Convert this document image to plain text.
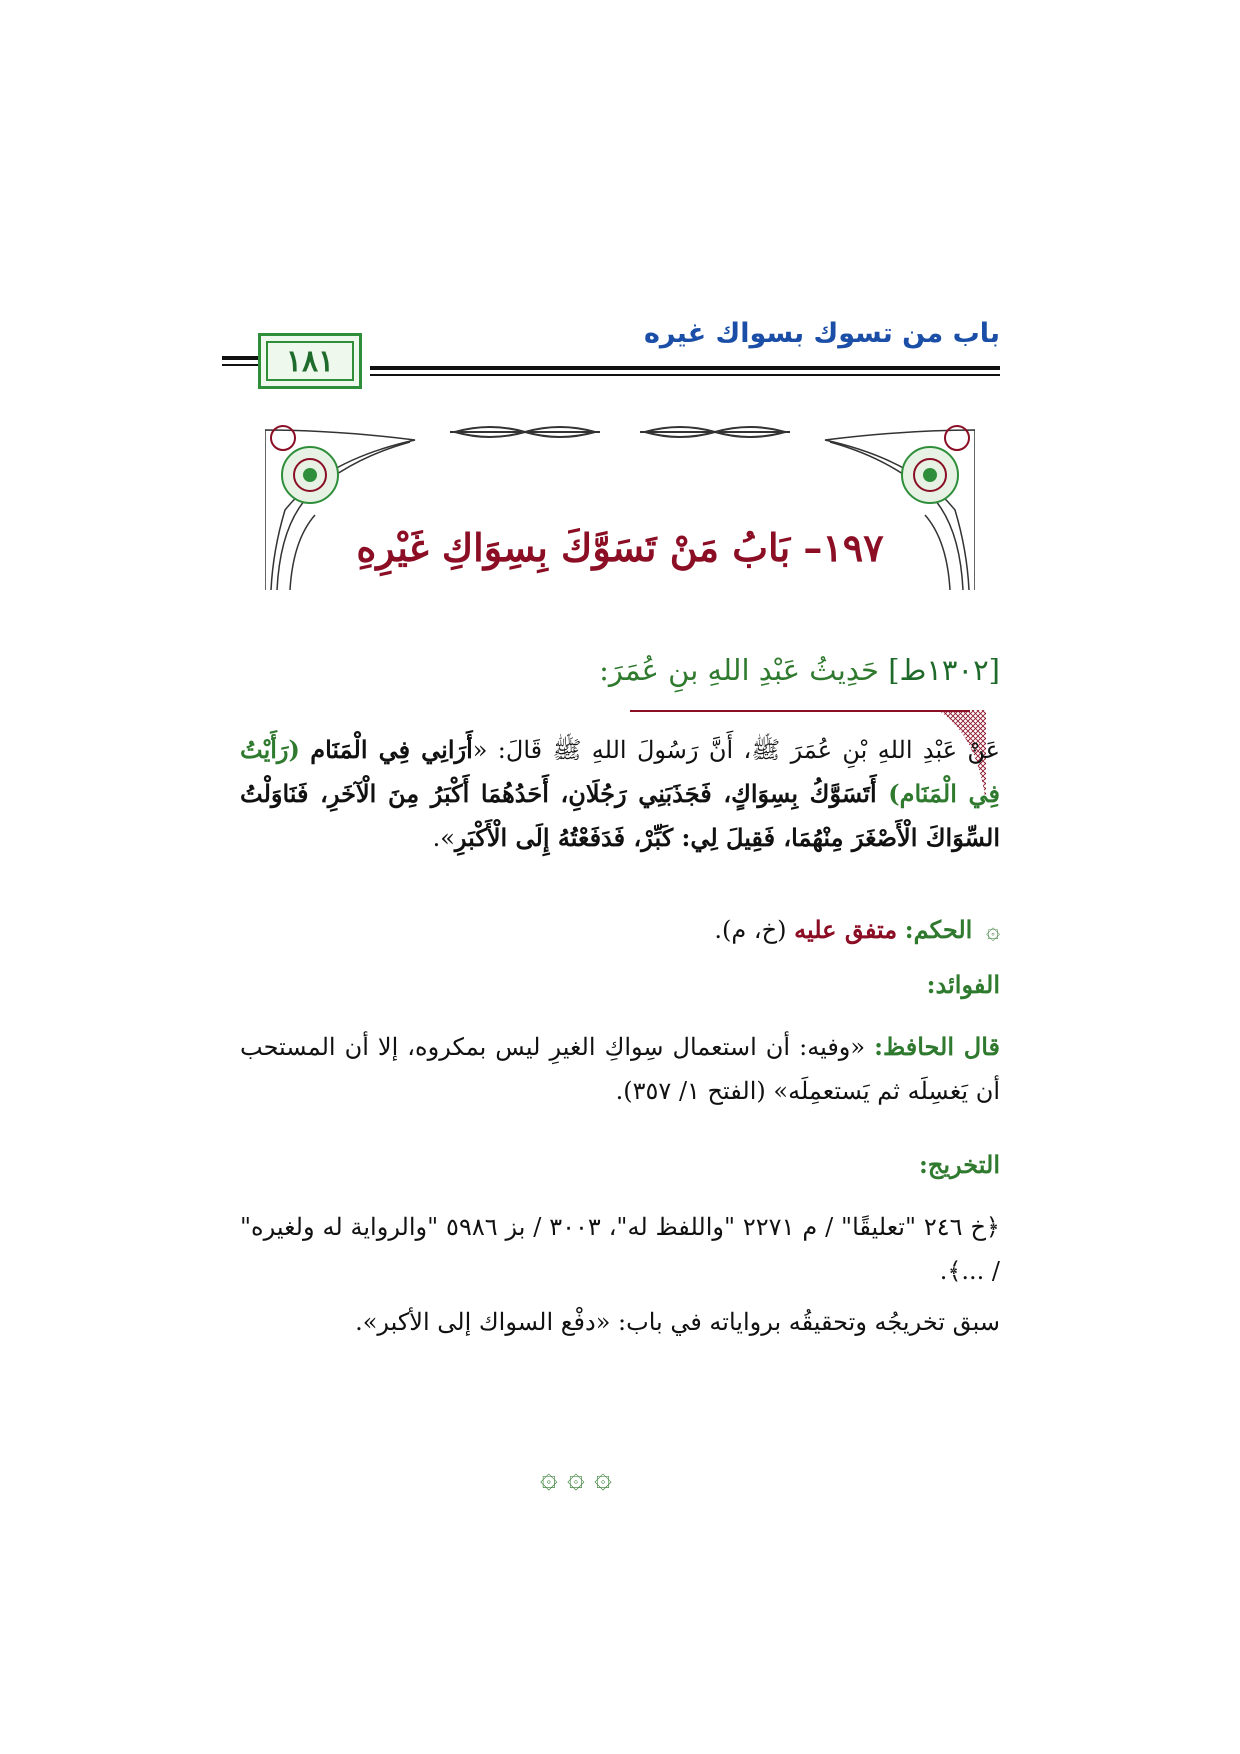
باب من تسوك بسواك غيره
١٨١
١٩٧– بَابُ مَنْ تَسَوَّكَ بِسِوَاكِ غَيْرِهِ
[١٣٠٢ط] حَدِيثُ عَبْدِ اللهِ بنِ عُمَرَ:
عَنْ عَبْدِ اللهِ بْنِ عُمَرَ ﷺ، أَنَّ رَسُولَ اللهِ ﷺ قَالَ: «أَرَانِي فِي الْمَنَام (رَأَيْتُ فِي الْمَنَام) أَتَسَوَّكُ بِسِوَاكٍ، فَجَذَبَنِي رَجُلَانِ، أَحَدُهُمَا أَكْبَرُ مِنَ الْآخَرِ، فَنَاوَلْتُ السِّوَاكَ الْأَصْغَرَ مِنْهُمَا، فَقِيلَ لِي: كَبِّرْ، فَدَفَعْتُهُ إِلَى الْأَكْبَرِ».
۞ الحكم: متفق عليه (خ، م).
الفوائد:
قال الحافظ: «وفيه: أن استعمال سِواكِ الغيرِ ليس بمكروه، إلا أن المستحب أن يَغسِلَه ثم يَستعمِلَه» (الفتح ١/ ٣٥٧).
التخريج:
﴿خ ٢٤٦ "تعليقًا" / م ٢٢٧١ "واللفظ له"، ٣٠٠٣ / بز ٥٩٨٦ "والرواية له ولغيره" / ...﴾.
سبق تخريجُه وتحقيقُه برواياته في باب: «دفْع السواك إلى الأكبر».
۞ ۞ ۞
